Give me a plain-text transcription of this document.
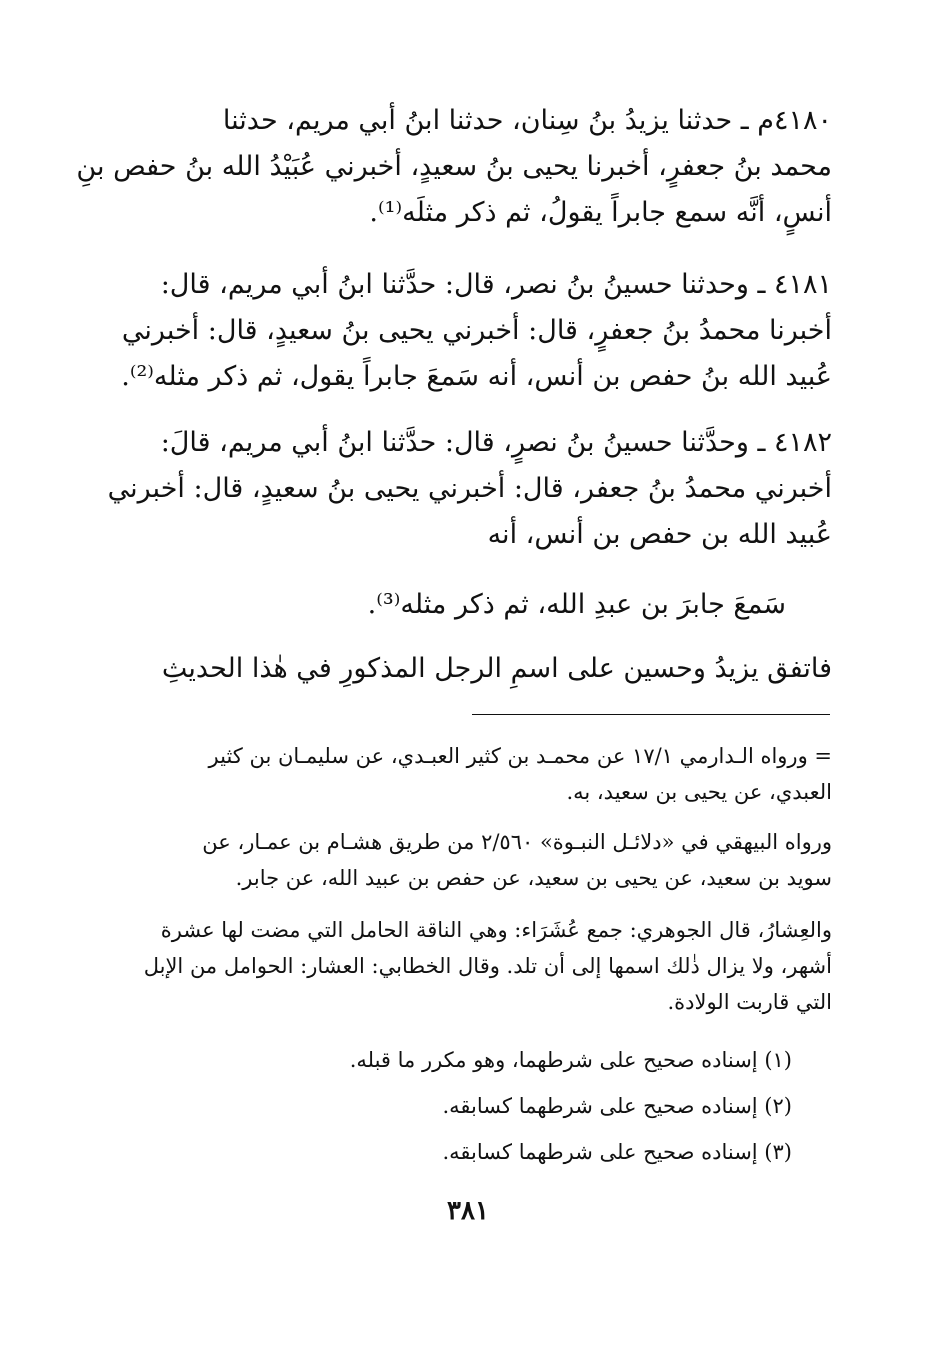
٤١٨٠م ـ حدثنا يزيدُ بنُ سِنان، حدثنا ابنُ أبي مريم، حدثنا
محمد بنُ جعفرٍ، أخبرنا يحيى بنُ سعيدٍ، أخبرني عُبَيْدُ الله بنُ حفص بنِ
أنسٍ، أنَّه سمع جابراً يقولُ، ثم ذكر مثلَه⁽¹⁾.
٤١٨١ ـ وحدثنا حسينُ بنُ نصر، قال: حدَّثنا ابنُ أبي مريم، قال:
أخبرنا محمدُ بنُ جعفرٍ، قال: أخبرني يحيى بنُ سعيدٍ، قال: أخبرني
عُبيد الله بنُ حفص بن أنس، أنه سَمعَ جابراً يقول، ثم ذكر مثله⁽²⁾.
٤١٨٢ ـ وحدَّثنا حسينُ بنُ نصرٍ، قال: حدَّثنا ابنُ أبي مريم، قالَ:
أخبرني محمدُ بنُ جعفر، قال: أخبرني يحيى بنُ سعيدٍ، قال: أخبرني
عُبيد الله بن حفص بن أنس، أنه
سَمعَ جابرَ بن عبدِ الله، ثم ذكر مثله⁽³⁾.
فاتفق يزيدُ وحسين على اسمِ الرجل المذكورِ في هٰذا الحديثِ
= ورواه الـدارمي ١٧/١ عن محمـد بن كثير العبـدي، عن سليمـان بن كثير
العبدي، عن يحيى بن سعيد، به.
ورواه البيهقي في «دلائـل النبـوة» ٢/٥٦٠ من طريق هشـام بن عمـار، عن
سويد بن سعيد، عن يحيى بن سعيد، عن حفص بن عبيد الله، عن جابر.
والعِشارُ، قال الجوهري: جمع عُشَرَاء: وهي الناقة الحامل التي مضت لها عشرة
أشهر، ولا يزال ذٰلك اسمها إلى أن تلد. وقال الخطابي: العشار: الحوامل من الإبل
التي قاربت الولادة.
(١) إسناده صحيح على شرطهما، وهو مكرر ما قبله.
(٢) إسناده صحيح على شرطهما كسابقه.
(٣) إسناده صحيح على شرطهما كسابقه.
٣٨١
